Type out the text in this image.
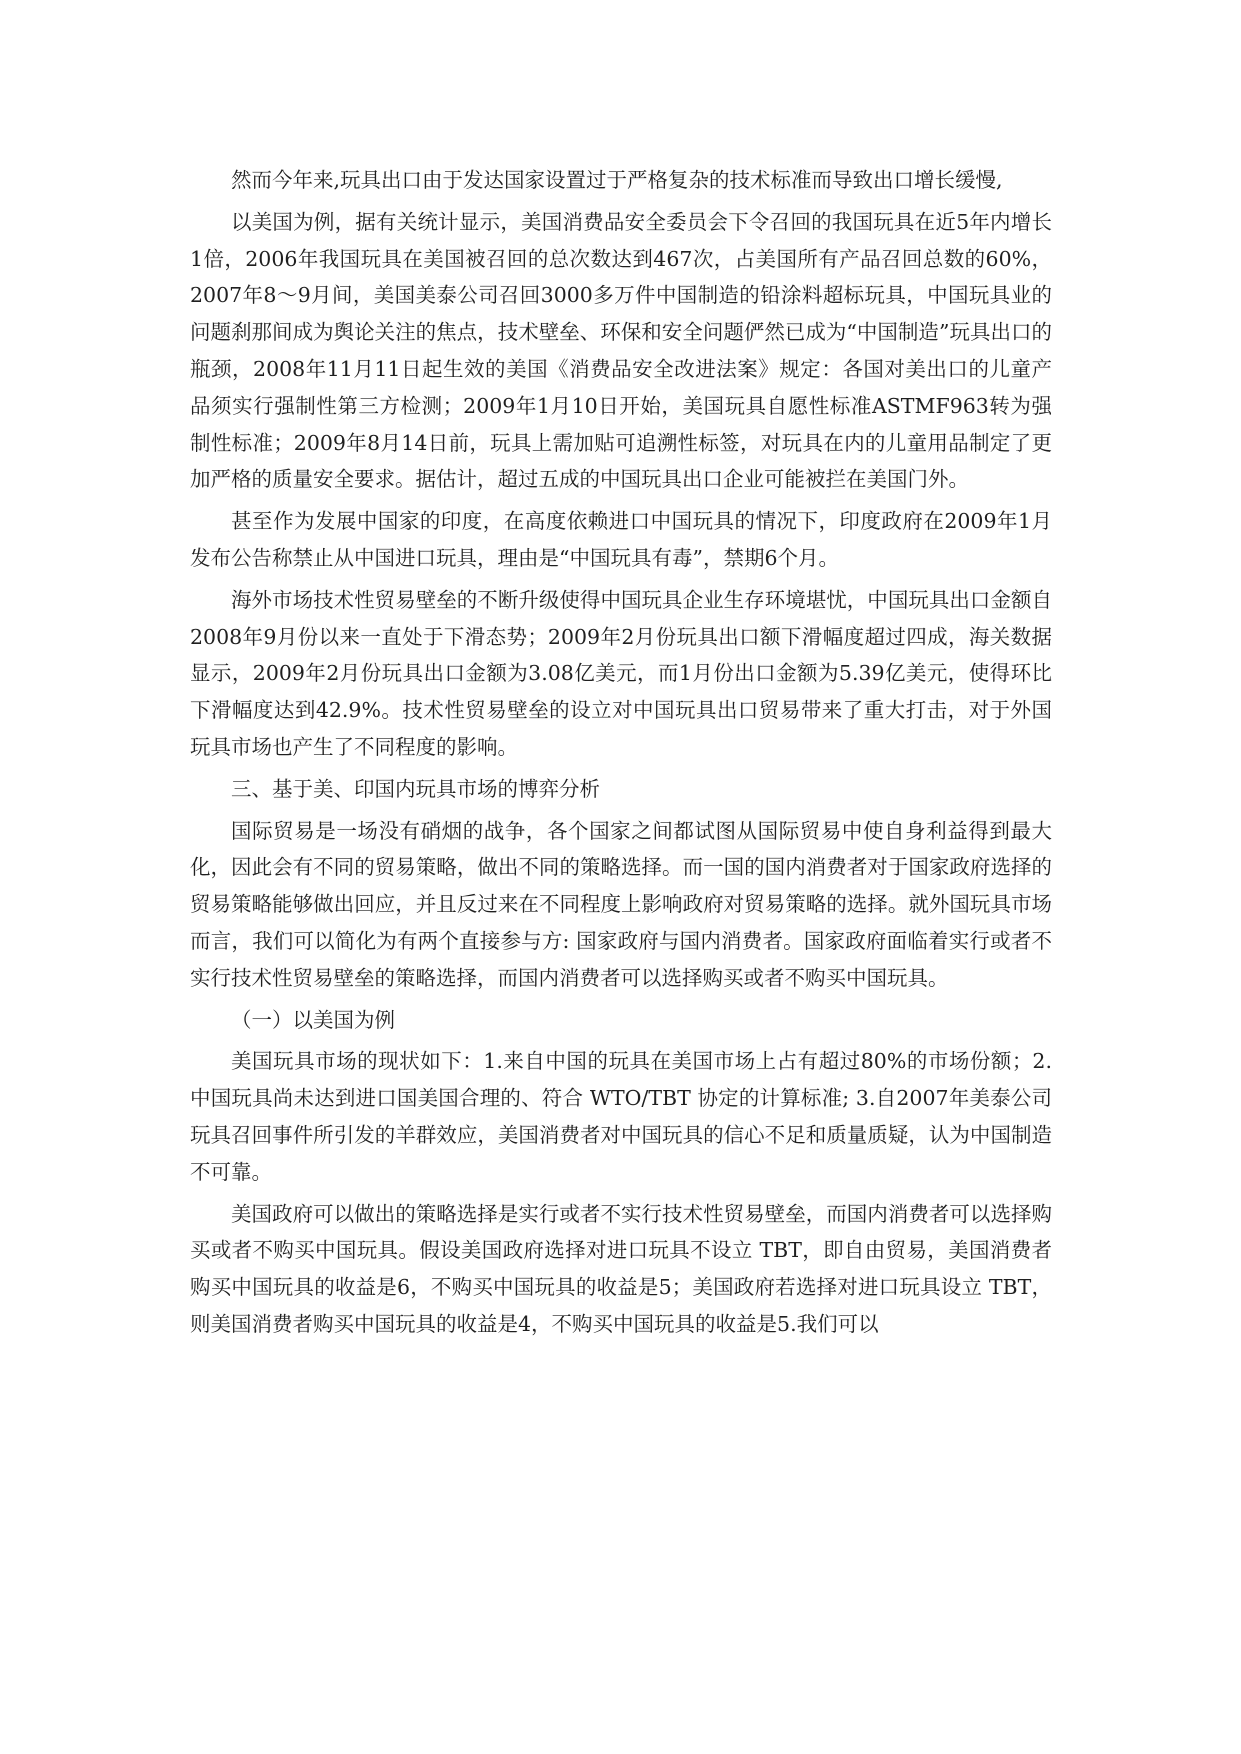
然而今年来,玩具出口由于发达国家设置过于严格复杂的技术标准而导致出口增长缓慢,

以美国为例，据有关统计显示，美国消费品安全委员会下令召回的我国玩具在近5年内增长1倍，2006年我国玩具在美国被召回的总次数达到467次，占美国所有产品召回总数的60%， 2007年8～9月间，美国美泰公司召回3000多万件中国制造的铅涂料超标玩具，中国玩具业的问题刹那间成为舆论关注的焦点，技术壁垒、环保和安全问题俨然已成为“中国制造”玩具出口的瓶颈，2008年11月11日起生效的美国《消费品安全改进法案》规定：各国对美出口的儿童产品须实行强制性第三方检测；2009年1月10日开始，美国玩具自愿性标准ASTMF963转为强制性标准；2009年8月14日前，玩具上需加贴可追溯性标签，对玩具在内的儿童用品制定了更加严格的质量安全要求。据估计，超过五成的中国玩具出口企业可能被拦在美国门外。

甚至作为发展中国家的印度，在高度依赖进口中国玩具的情况下，印度政府在2009年1月发布公告称禁止从中国进口玩具，理由是“中国玩具有毒”，禁期6个月。

海外市场技术性贸易壁垒的不断升级使得中国玩具企业生存环境堪忧，中国玩具出口金额自2008年9月份以来一直处于下滑态势；2009年2月份玩具出口额下滑幅度超过四成，海关数据显示，2009年2月份玩具出口金额为3.08亿美元，而1月份出口金额为5.39亿美元，使得环比下滑幅度达到42.9%。技术性贸易壁垒的设立对中国玩具出口贸易带来了重大打击，对于外国玩具市场也产生了不同程度的影响。

三、基于美、印国内玩具市场的博弈分析

国际贸易是一场没有硝烟的战争，各个国家之间都试图从国际贸易中使自身利益得到最大化，因此会有不同的贸易策略，做出不同的策略选择。而一国的国内消费者对于国家政府选择的贸易策略能够做出回应，并且反过来在不同程度上影响政府对贸易策略的选择。就外国玩具市场而言，我们可以简化为有两个直接参与方: 国家政府与国内消费者。国家政府面临着实行或者不实行技术性贸易壁垒的策略选择，而国内消费者可以选择购买或者不购买中国玩具。

（一）以美国为例

美国玩具市场的现状如下：1.来自中国的玩具在美国市场上占有超过80%的市场份额；2.中国玩具尚未达到进口国美国合理的、符合 WTO/TBT 协定的计算标准; 3.自2007年美泰公司玩具召回事件所引发的羊群效应，美国消费者对中国玩具的信心不足和质量质疑，认为中国制造不可靠。

美国政府可以做出的策略选择是实行或者不实行技术性贸易壁垒，而国内消费者可以选择购买或者不购买中国玩具。假设美国政府选择对进口玩具不设立 TBT，即自由贸易，美国消费者购买中国玩具的收益是6，不购买中国玩具的收益是5；美国政府若选择对进口玩具设立 TBT，则美国消费者购买中国玩具的收益是4，不购买中国玩具的收益是5.我们可以
